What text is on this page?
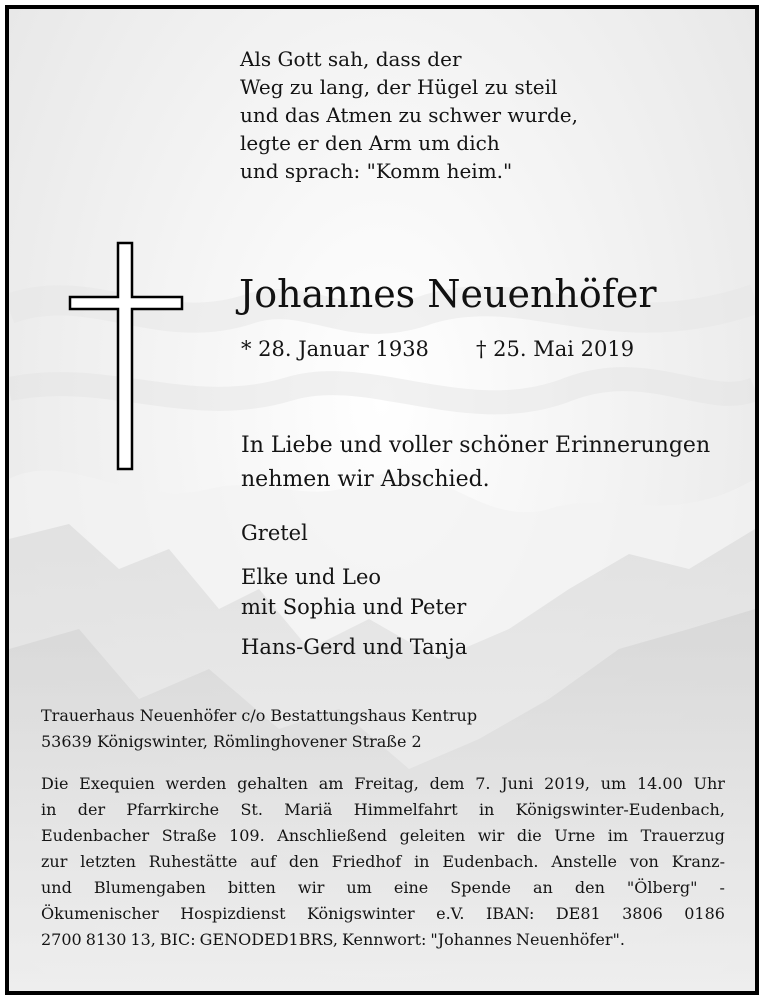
Als Gott sah, dass der
Weg zu lang, der Hügel zu steil
und das Atmen zu schwer wurde,
legte er den Arm um dich
und sprach: "Komm heim."
Johannes Neuenhöfer
* 28. Januar 1938 † 25. Mai 2019
In Liebe und voller schöner Erinnerungen
nehmen wir Abschied.
Gretel
Elke und Leo
mit Sophia und Peter
Hans-Gerd und Tanja
Trauerhaus Neuenhöfer c/o Bestattungshaus Kentrup
53639 Königswinter, Römlinghovener Straße 2
Die Exequien werden gehalten am Freitag, dem 7. Juni 2019, um 14.00 Uhr
in der Pfarrkirche St. Mariä Himmelfahrt in Königswinter-Eudenbach,
Eudenbacher Straße 109. Anschließend geleiten wir die Urne im Trauerzug
zur letzten Ruhestätte auf den Friedhof in Eudenbach. Anstelle von Kranz-
und Blumengaben bitten wir um eine Spende an den "Ölberg" -
Ökumenischer Hospizdienst Königswinter e.V. IBAN: DE81 3806 0186
2700 8130 13, BIC: GENODED1BRS, Kennwort: "Johannes Neuenhöfer".
